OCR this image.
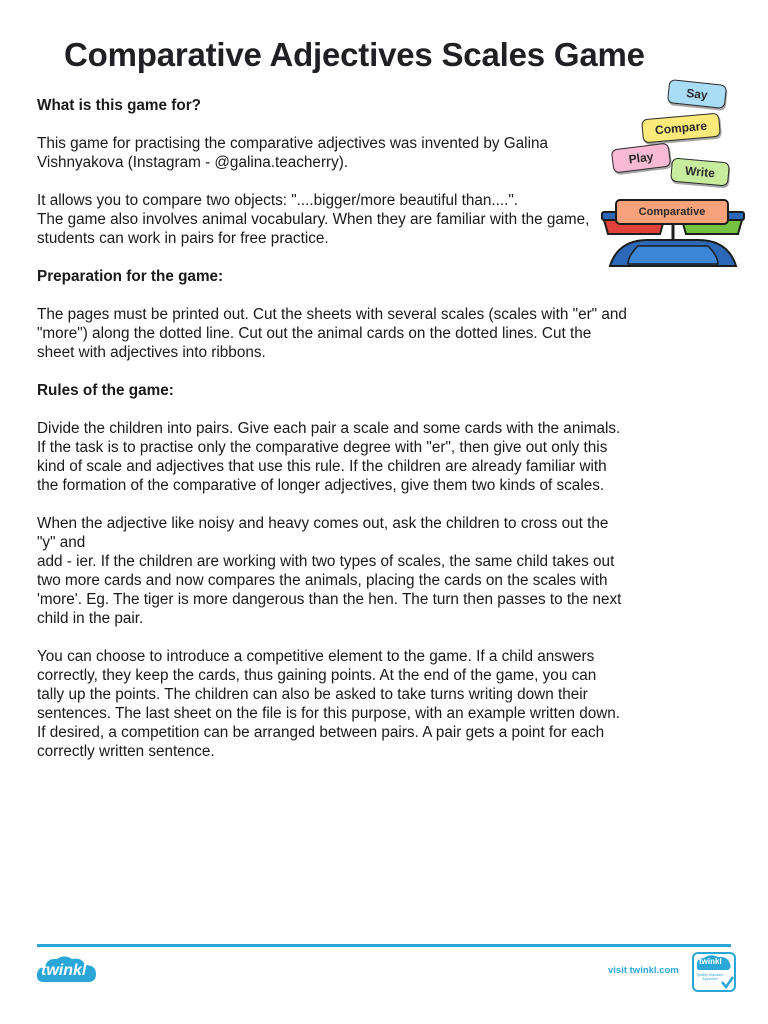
Comparative Adjectives Scales Game

What is this game for?

This game for practising the comparative adjectives was invented by Galina Vishnyakova (Instagram - @galina.teacherry).

It allows you to compare two objects: "....bigger/more beautiful than....".
The game also involves animal vocabulary. When they are familiar with the game, students can work in pairs for free practice.

Preparation for the game:

The pages must be printed out. Cut the sheets with several scales (scales with "er" and "more") along the dotted line. Cut out the animal cards on the dotted lines. Cut the sheet with adjectives into ribbons.

Rules of the game:

Divide the children into pairs. Give each pair a scale and some cards with the animals. If the task is to practise only the comparative degree with "er", then give out only this kind of scale and adjectives that use this rule. If the children are already familiar with the formation of the comparative of longer adjectives, give them two kinds of scales.

When the adjective like noisy and heavy comes out, ask the children to cross out the "y" and
add - ier. If the children are working with two types of scales, the same child takes out two more cards and now compares the animals, placing the cards on the scales with 'more'. Eg. The tiger is more dangerous than the hen. The turn then passes to the next child in the pair.

You can choose to introduce a competitive element to the game. If a child answers correctly, they keep the cards, thus gaining points. At the end of the game, you can tally up the points. The children can also be asked to take turns writing down their sentences. The last sheet on the file is for this purpose, with an example written down. If desired, a competition can be arranged between pairs. A pair gets a point for each correctly written sentence.

Say
Compare
Play
Write
Comparative
twinkl	visit twinkl.com
twinkl
Quality Standard Approved
